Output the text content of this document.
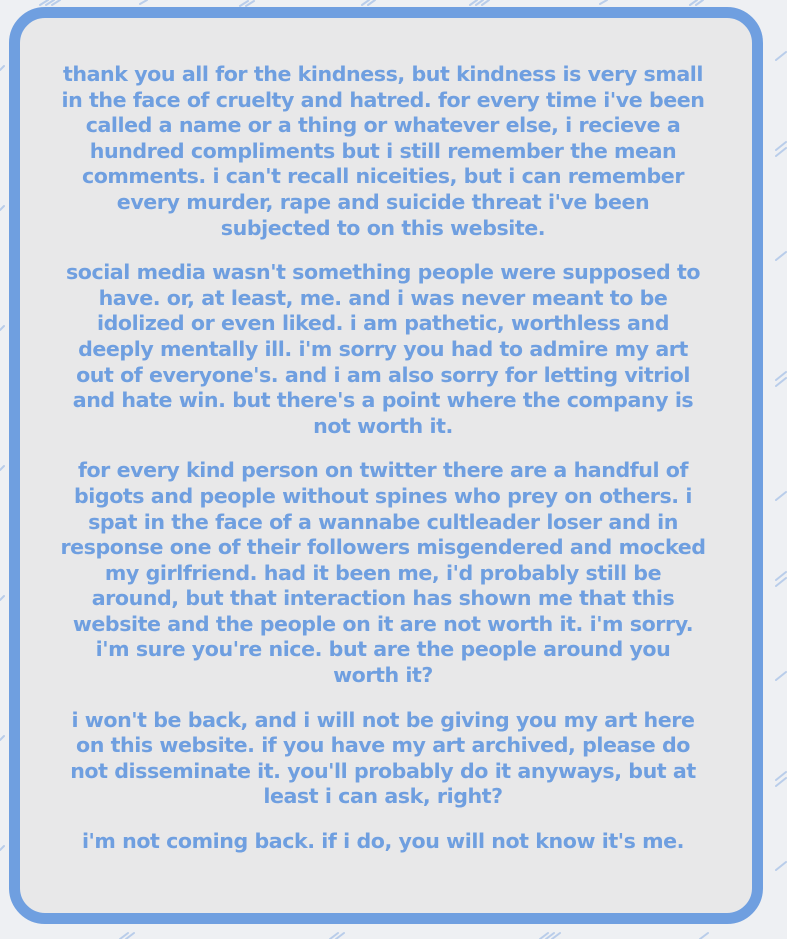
thank you all for the kindness, but kindness is very small in the face of cruelty and hatred. for every time i've been called a name or a thing or whatever else, i recieve a hundred compliments but i still remember the mean comments. i can't recall niceities, but i can remember every murder, rape and suicide threat i've been subjected to on this website.

social media wasn't something people were supposed to have. or, at least, me. and i was never meant to be idolized or even liked. i am pathetic, worthless and deeply mentally ill. i'm sorry you had to admire my art out of everyone's. and i am also sorry for letting vitriol and hate win. but there's a point where the company is not worth it.

for every kind person on twitter there are a handful of bigots and people without spines who prey on others. i spat in the face of a wannabe cultleader loser and in response one of their followers misgendered and mocked my girlfriend. had it been me, i'd probably still be around, but that interaction has shown me that this website and the people on it are not worth it. i'm sorry. i'm sure you're nice. but are the people around you worth it?

i won't be back, and i will not be giving you my art here on this website. if you have my art archived, please do not disseminate it. you'll probably do it anyways, but at least i can ask, right?

i'm not coming back. if i do, you will not know it's me.
